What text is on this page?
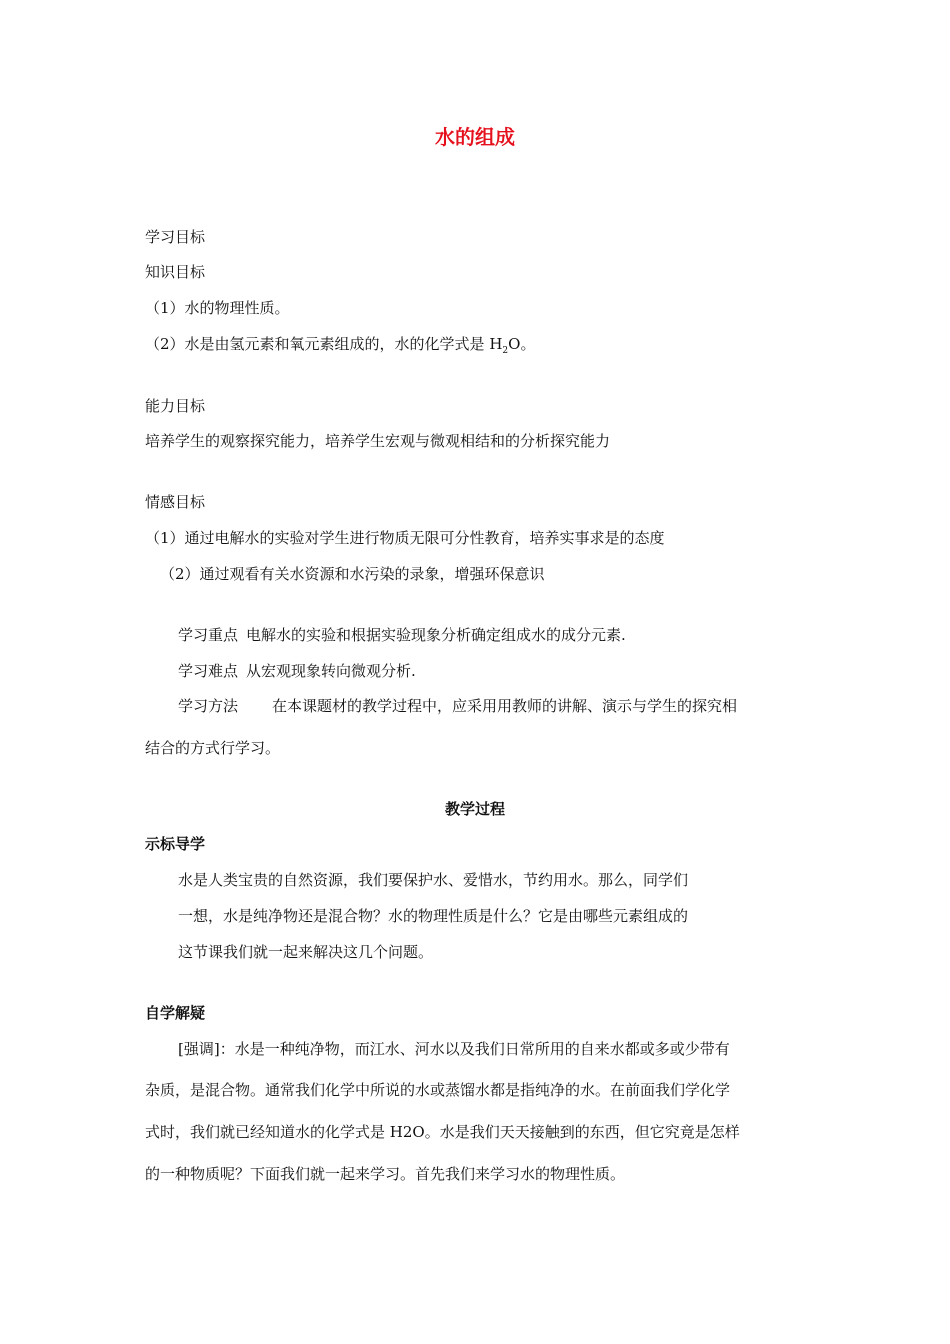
水的组成
学习目标
知识目标
（1）水的物理性质。
（2）水是由氢元素和氧元素组成的，水的化学式是 $H_2O$。
能力目标
培养学生的观察探究能力，培养学生宏观与微观相结和的分析探究能力
情感目标
（1）通过电解水的实验对学生进行物质无限可分性教育，培养实事求是的态度
（2）通过观看有关水资源和水污染的录象，增强环保意识
学习重点 电解水的实验和根据实验现象分析确定组成水的成分元素.
学习难点 从宏观现象转向微观分析.
学习方法 在本课题材的教学过程中，应采用用教师的讲解、演示与学生的探究相
结合的方式行学习。
教学过程
示标导学
水是人类宝贵的自然资源，我们要保护水、爱惜水，节约用水。那么，同学们
一想，水是纯净物还是混合物？水的物理性质是什么？它是由哪些元素组成的
这节课我们就一起来解决这几个问题。
自学解疑
[强调]：水是一种纯净物，而江水、河水以及我们日常所用的自来水都或多或少带有
杂质，是混合物。通常我们化学中所说的水或蒸馏水都是指纯净的水。在前面我们学化学
式时，我们就已经知道水的化学式是 H2O。水是我们天天接触到的东西，但它究竟是怎样
的一种物质呢？下面我们就一起来学习。首先我们来学习水的物理性质。
